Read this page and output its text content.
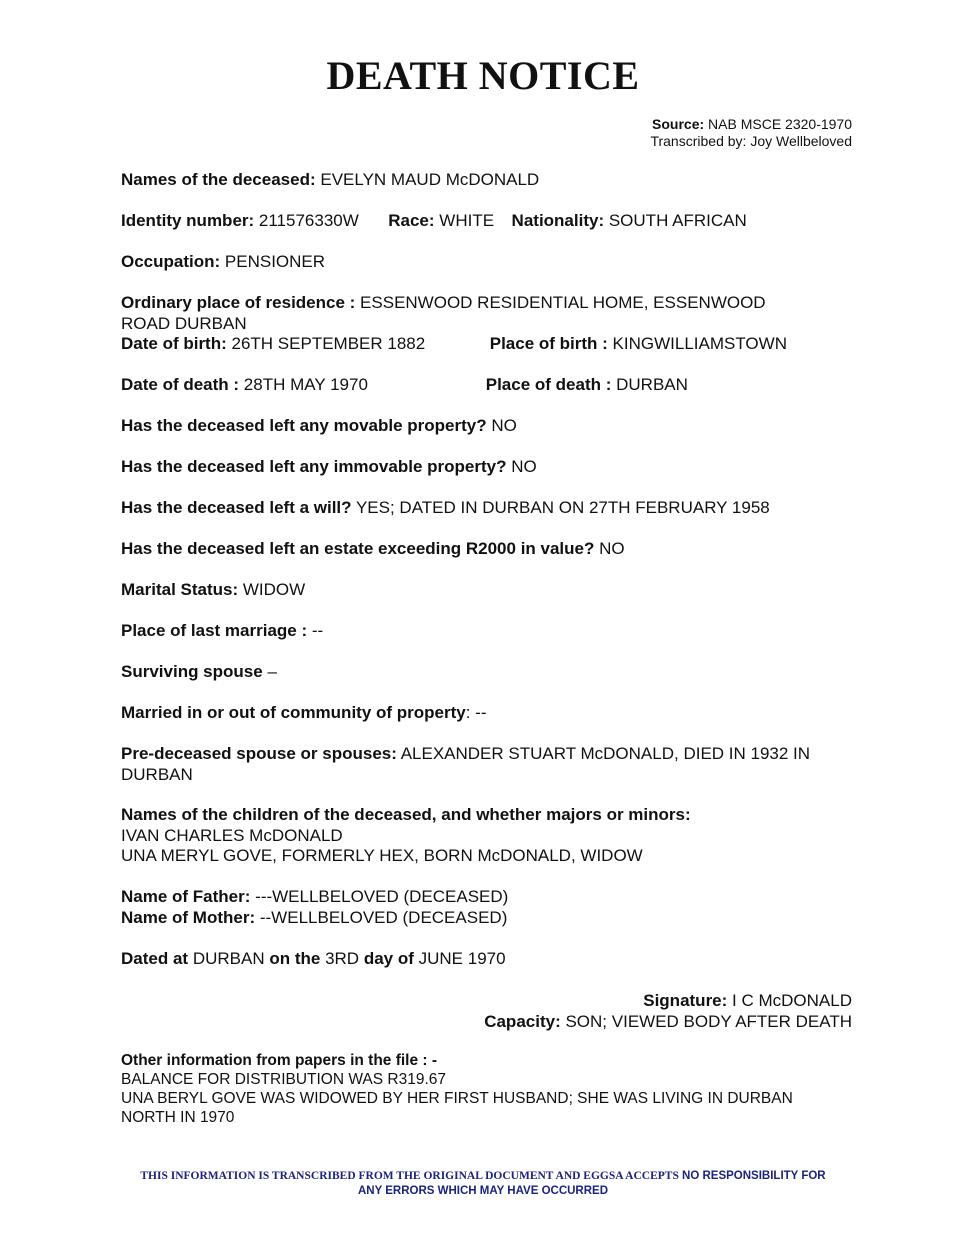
DEATH NOTICE
Source: NAB MSCE 2320-1970
Transcribed by: Joy Wellbeloved
Names of the deceased: EVELYN MAUD McDONALD
Identity number: 211576330W Race: WHITE Nationality: SOUTH AFRICAN
Occupation: PENSIONER
Ordinary place of residence : ESSENWOOD RESIDENTIAL HOME, ESSENWOOD
ROAD DURBAN
Date of birth: 26TH SEPTEMBER 1882	Place of birth : KINGWILLIAMSTOWN
Date of death : 28TH MAY 1970	Place of death : DURBAN
Has the deceased left any movable property? NO
Has the deceased left any immovable property? NO
Has the deceased left a will? YES; DATED IN DURBAN ON 27TH FEBRUARY 1958
Has the deceased left an estate exceeding R2000 in value? NO
Marital Status: WIDOW
Place of last marriage : --
Surviving spouse –
Married in or out of community of property: --
Pre-deceased spouse or spouses: ALEXANDER STUART McDONALD, DIED IN 1932 IN
DURBAN
Names of the children of the deceased, and whether majors or minors:
IVAN CHARLES McDONALD
UNA MERYL GOVE, FORMERLY HEX, BORN McDONALD, WIDOW
Name of Father: ---WELLBELOVED (DECEASED)
Name of Mother: --WELLBELOVED (DECEASED)
Dated at DURBAN on the 3RD day of JUNE 1970
Signature: I C McDONALD
Capacity: SON; VIEWED BODY AFTER DEATH
Other information from papers in the file : -
BALANCE FOR DISTRIBUTION WAS R319.67
UNA BERYL GOVE WAS WIDOWED BY HER FIRST HUSBAND; SHE WAS LIVING IN DURBAN
NORTH IN 1970
THIS INFORMATION IS TRANSCRIBED FROM THE ORIGINAL DOCUMENT AND EGGSA ACCEPTS NO RESPONSIBILITY FOR
ANY ERRORS WHICH MAY HAVE OCCURRED
